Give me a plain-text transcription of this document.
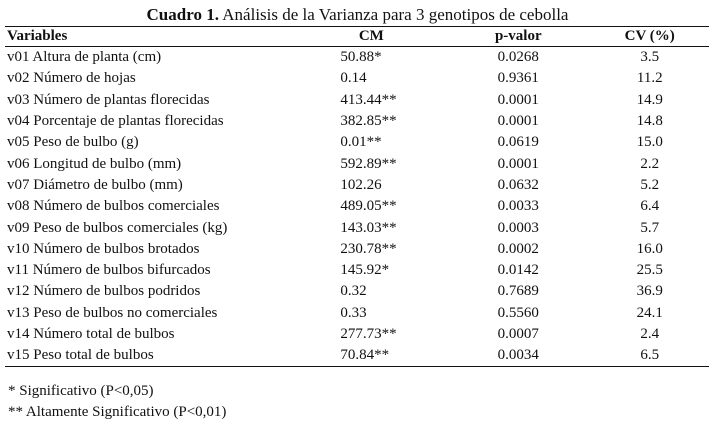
Cuadro 1. Análisis de la Varianza para 3 genotipos de cebolla
Variables	CM	p-valor	CV (%)
v01 Altura de planta (cm)	50.88*	0.0268	3.5
v02 Número de hojas	0.14	0.9361	11.2
v03 Número de plantas florecidas	413.44**	0.0001	14.9
v04 Porcentaje de plantas florecidas	382.85**	0.0001	14.8
v05 Peso de bulbo (g)	0.01**	0.0619	15.0
v06 Longitud de bulbo (mm)	592.89**	0.0001	2.2
v07 Diámetro de bulbo (mm)	102.26	0.0632	5.2
v08 Número de bulbos comerciales	489.05**	0.0033	6.4
v09 Peso de bulbos comerciales (kg)	143.03**	0.0003	5.7
v10 Número de bulbos brotados	230.78**	0.0002	16.0
v11 Número de bulbos bifurcados	145.92*	0.0142	25.5
v12 Número de bulbos podridos	0.32	0.7689	36.9
v13 Peso de bulbos no comerciales	0.33	0.5560	24.1
v14 Número total de bulbos	277.73**	0.0007	2.4
v15 Peso total de bulbos	70.84**	0.0034	6.5
* Significativo (P<0,05)
** Altamente Significativo (P<0,01)
